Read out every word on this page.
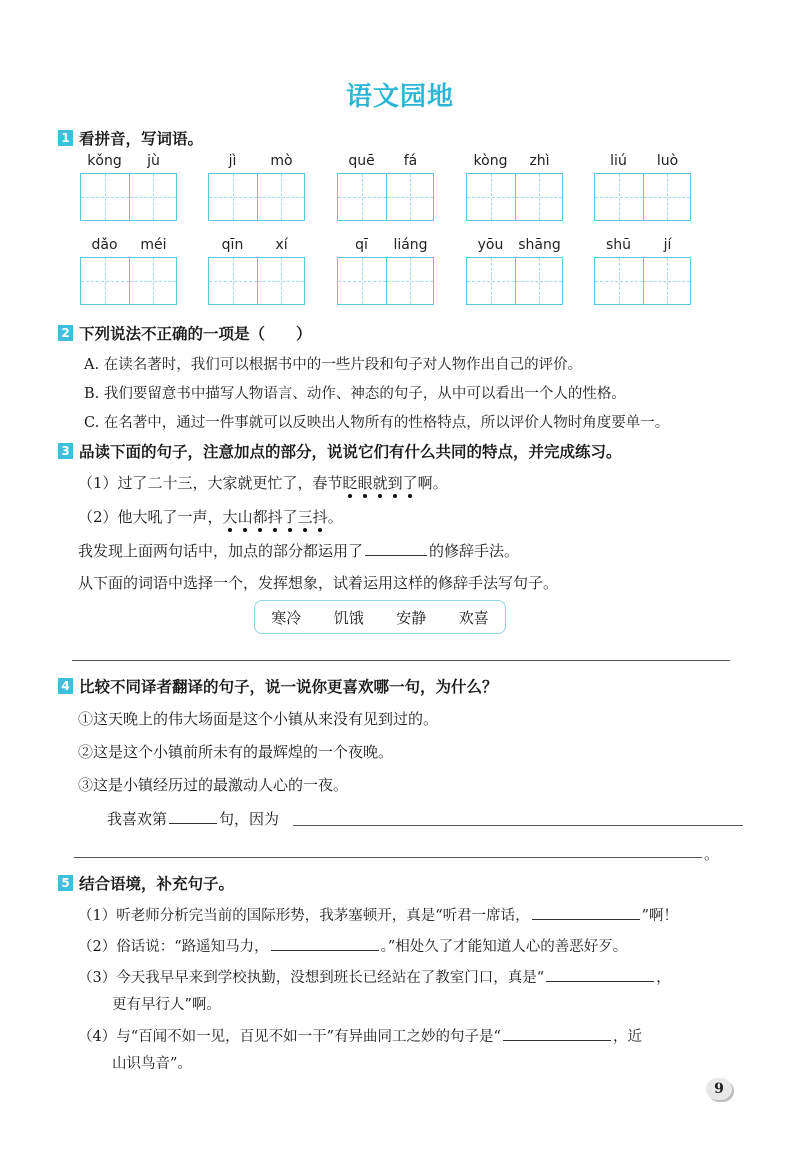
语文园地
1 看拼音，写词语。
kǒng	jù	jì	mò	quē	fá	kòng	zhì	liú	luò
dǎo	méi	qīn	xí	qī	liáng	yōu	shāng	shū	jí
2 下列说法不正确的一项是（　　）
A. 在读名著时，我们可以根据书中的一些片段和句子对人物作出自己的评价。
B. 我们要留意书中描写人物语言、动作、神态的句子，从中可以看出一个人的性格。
C. 在名著中，通过一件事就可以反映出人物所有的性格特点，所以评价人物时角度要单一。
3 品读下面的句子，注意加点的部分，说说它们有什么共同的特点，并完成练习。
（1）过了二十三，大家就更忙了，春节眨眼就到了啊。
（2）他大吼了一声，大山都抖了三抖。
我发现上面两句话中，加点的部分都运用了	的修辞手法。
从下面的词语中选择一个，发挥想象，试着运用这样的修辞手法写句子。
寒冷 饥饿 安静 欢喜
4 比较不同译者翻译的句子，说一说你更喜欢哪一句，为什么？
①这天晚上的伟大场面是这个小镇从来没有见到过的。
②这是这个小镇前所未有的最辉煌的一个夜晚。
③这是小镇经历过的最激动人心的一夜。
我喜欢第	句，因为
。
5 结合语境，补充句子。
（1）听老师分析完当前的国际形势，我茅塞顿开，真是“听君一席话，	”啊！
（2）俗话说：“路遥知马力，	。”相处久了才能知道人心的善恶好歹。
（3）今天我早早来到学校执勤，没想到班长已经站在了教室门口，真是“	，
更有早行人”啊。
（4）与“百闻不如一见，百见不如一干”有异曲同工之妙的句子是“	，近
山识鸟音”。
9
